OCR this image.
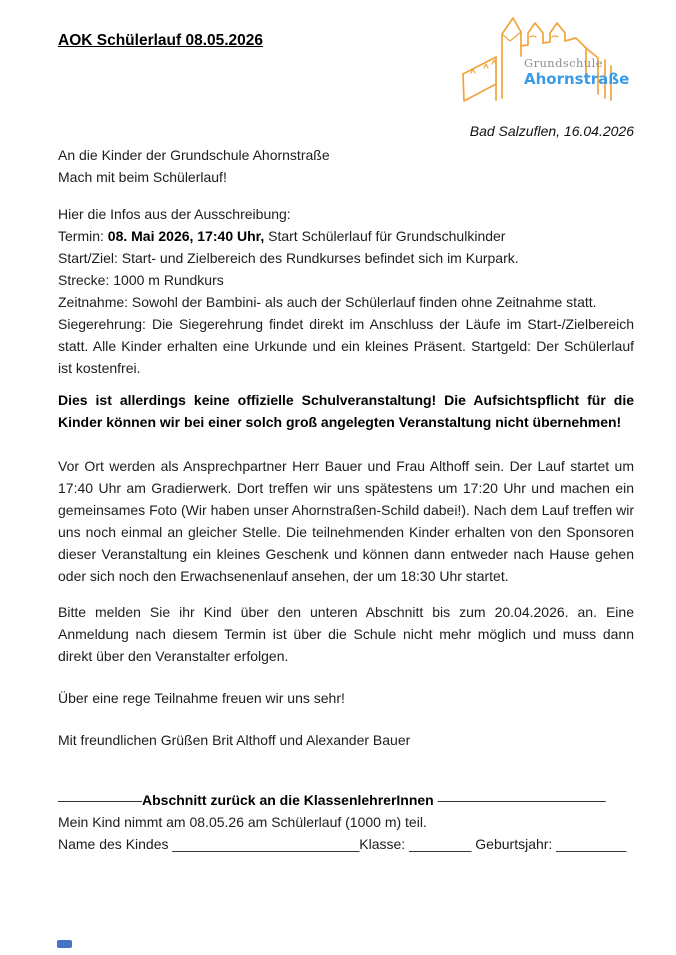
AOK Schülerlauf 08.05.2026
Grundschule
Ahornstraße
Bad Salzuflen, 16.04.2026
An die Kinder der Grundschule Ahornstraße
Mach mit beim Schülerlauf!
Hier die Infos aus der Ausschreibung:
Termin: 08. Mai 2026, 17:40 Uhr, Start Schülerlauf für Grundschulkinder
Start/Ziel: Start- und Zielbereich des Rundkurses befindet sich im Kurpark.
Strecke: 1000 m Rundkurs
Zeitnahme: Sowohl der Bambini- als auch der Schülerlauf finden ohne Zeitnahme statt.

Siegerehrung: Die Siegerehrung findet direkt im Anschluss der Läufe im Start-/Zielbereich statt. Alle Kinder erhalten eine Urkunde und ein kleines Präsent. Startgeld: Der Schülerlauf ist kostenfrei.

Dies ist allerdings keine offizielle Schulveranstaltung! Die Aufsichtspflicht für die Kinder können wir bei einer solch groß angelegten Veranstaltung nicht übernehmen!

Vor Ort werden als Ansprechpartner Herr Bauer und Frau Althoff sein. Der Lauf startet um 17:40 Uhr am Gradierwerk. Dort treffen wir uns spätestens um 17:20 Uhr und machen ein gemeinsames Foto (Wir haben unser Ahornstraßen-Schild dabei!). Nach dem Lauf treffen wir uns noch einmal an gleicher Stelle. Die teilnehmenden Kinder erhalten von den Sponsoren dieser Veranstaltung ein kleines Geschenk und können dann entweder nach Hause gehen oder sich noch den Erwachsenenlauf ansehen, der um 18:30 Uhr startet.

Bitte melden Sie ihr Kind über den unteren Abschnitt bis zum 20.04.2026. an. Eine Anmeldung nach diesem Termin ist über die Schule nicht mehr möglich und muss dann direkt über den Veranstalter erfolgen.

Über eine rege Teilnahme freuen wir uns sehr!

Mit freundlichen Grüßen Brit Althoff und Alexander Bauer

——————Abschnitt zurück an die KlassenlehrerInnen ————————————
Mein Kind nimmt am 08.05.26 am Schülerlauf (1000 m) teil.
Name des Kindes ________________________Klasse: ________ Geburtsjahr: _________
